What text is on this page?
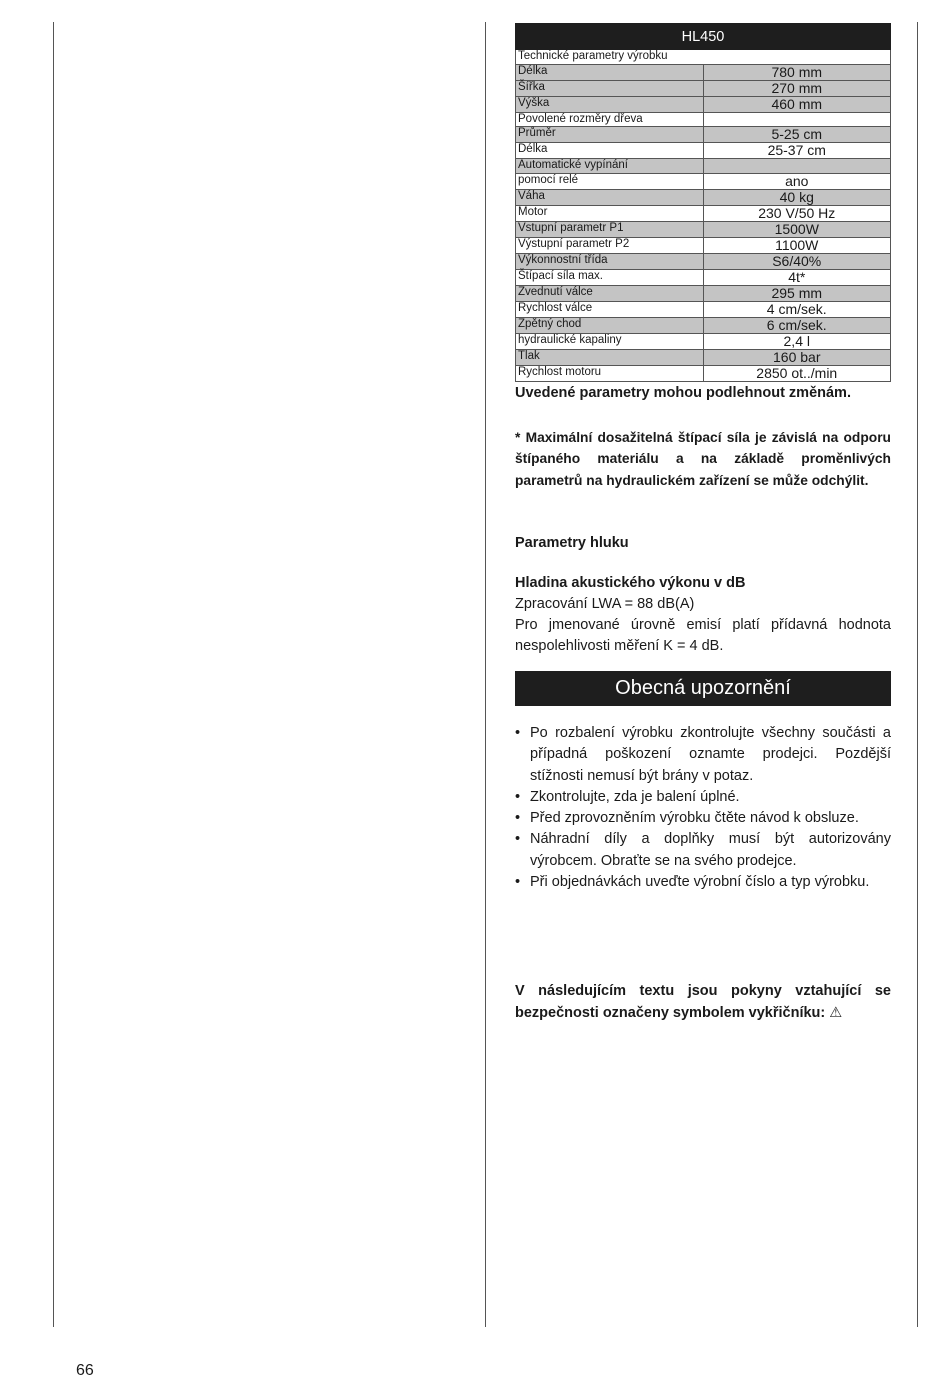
HL450	
Technické parametry výrobku	
Délka	780 mm
Šířka	270 mm
Výška	460 mm
Povolené rozměry dřeva	
Průměr	5-25 cm
Délka	25-37 cm
Automatické vypínání	
pomocí relé	ano
Váha	40 kg
Motor	230 V/50 Hz
Vstupní parametr P1	1500W
Výstupní parametr P2	1100W
Výkonnostní třída	S6/40%
Štípací síla max.	4t*
Zvednutí válce	295 mm
Rychlost válce	4 cm/sek.
Zpětný chod	6 cm/sek.
hydraulické kapaliny	2,4 l
Tlak	160 bar
Rychlost motoru	2850 ot../min

Uvedené parametry mohou podlehnout změnám.

* Maximální dosažitelná štípací síla je závislá na odporu štípaného materiálu a na základě proměnlivých parametrů na hydraulickém zařízení se může odchýlit.

Parametry hluku
Hladina akustického výkonu v dB

Zpracování LWA = 88 dB(A)

Pro jmenované úrovně emisí platí přídavná hodnota nespolehlivosti měření K = 4 dB.

Obecná upozornění
• Po rozbalení výrobku zkontrolujte všechny součásti a případná poškození oznamte prodejci. Pozdější stížnosti nemusí být brány v potaz.
• Zkontrolujte, zda je balení úplné.
• Před zprovozněním výrobku čtěte návod k obsluze.
• Náhradní díly a doplňky musí být autorizovány výrobcem. Obraťte se na svého prodejce.
• Při objednávkách uveďte výrobní číslo a typ výrobku.

V následujícím textu jsou pokyny vztahující se bezpečnosti označeny symbolem vykřičníku: ⚠

66
